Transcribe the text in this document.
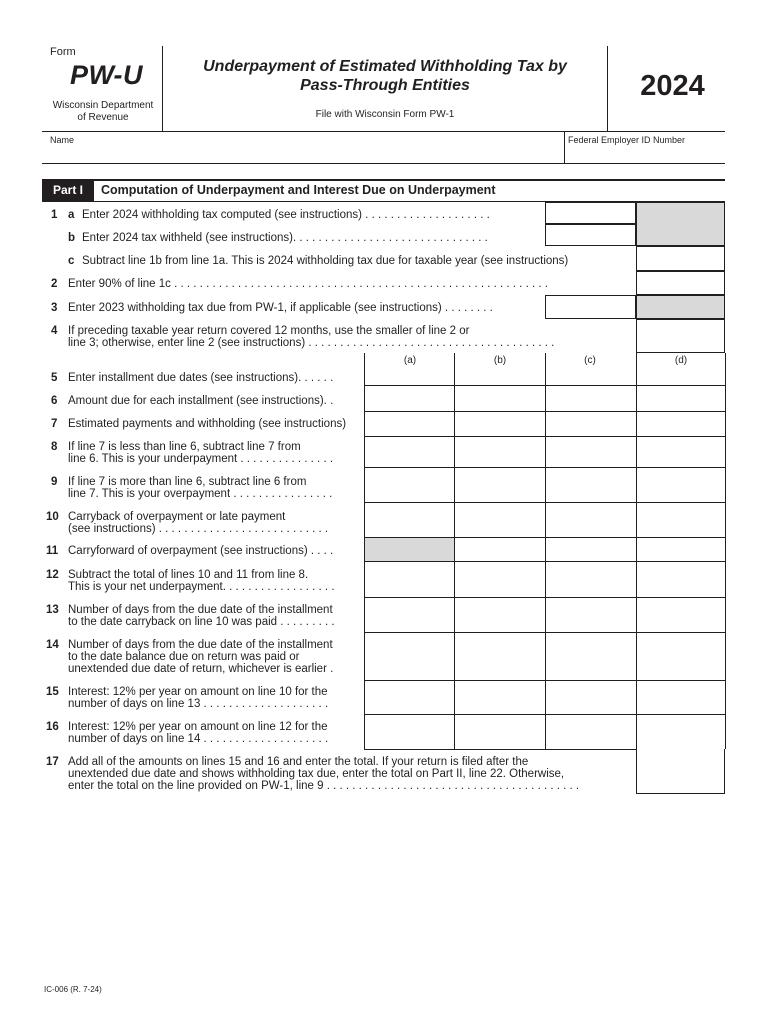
Form
PW-U
Wisconsin Department
of Revenue
Underpayment of Estimated Withholding Tax by
Pass-Through Entities
File with Wisconsin Form PW-1
2024
Name	Federal Employer ID Number
Part I	Computation of Underpayment and Interest Due on Underpayment
1 a Enter 2024 withholding tax computed (see instructions) . . . . . . . . . . . . . . . . . . . .
b Enter 2024 tax withheld (see instructions). . . . . . . . . . . . . . . . . . . . . . . . . . . . . . .
c Subtract line 1b from line 1a. This is 2024 withholding tax due for taxable year (see instructions)
2 Enter 90% of line 1c . . . . . . . . . . . . . . . . . . . . . . . . . . . . . . . . . . . . . . . . . . . . . . . . . . . . . . . . . . .
3 Enter 2023 withholding tax due from PW-1, if applicable (see instructions) . . . . . . . .
4 If preceding taxable year return covered 12 months, use the smaller of line 2 or
line 3; otherwise, enter line 2 (see instructions) . . . . . . . . . . . . . . . . . . . . . . . . . . . . . . . . . . . . . . .
(a)	(b)	(c)	(d)
5 Enter installment due dates (see instructions). . . . . .
6 Amount due for each installment (see instructions). .
7 Estimated payments and withholding (see instructions)
8 If line 7 is less than line 6, subtract line 7 from
line 6. This is your underpayment . . . . . . . . . . . . . . .
9 If line 7 is more than line 6, subtract line 6 from
line 7. This is your overpayment . . . . . . . . . . . . . . . .
10 Carryback of overpayment or late payment
(see instructions) . . . . . . . . . . . . . . . . . . . . . . . . . . .
11 Carryforward of overpayment (see instructions) . . . .
12 Subtract the total of lines 10 and 11 from line 8.
This is your net underpayment. . . . . . . . . . . . . . . . . .
13 Number of days from the due date of the installment
to the date carryback on line 10 was paid . . . . . . . . .
14 Number of days from the due date of the installment
to the date balance due on return was paid or
unextended due date of return, whichever is earlier .
15 Interest: 12% per year on amount on line 10 for the
number of days on line 13 . . . . . . . . . . . . . . . . . . . .
16 Interest: 12% per year on amount on line 12 for the
number of days on line 14 . . . . . . . . . . . . . . . . . . . .
17 Add all of the amounts on lines 15 and 16 and enter the total. If your return is filed after the
unextended due date and shows withholding tax due, enter the total on Part II, line 22. Otherwise,
enter the total on the line provided on PW-1, line 9 . . . . . . . . . . . . . . . . . . . . . . . . . . . . . . . . . . . . . . . .
IC-006 (R. 7-24)
